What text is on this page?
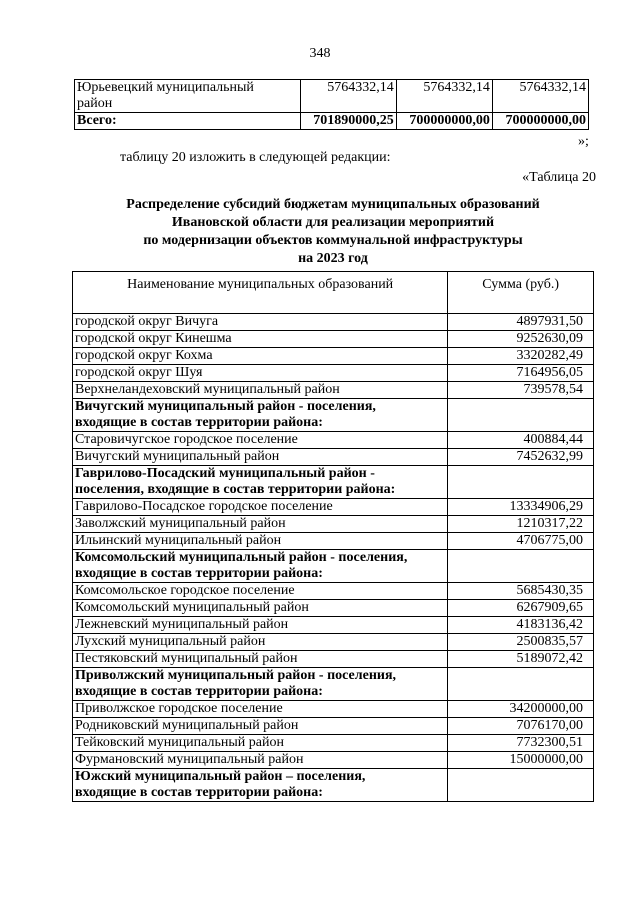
348
Юрьевецкий муниципальный
район	5764332,14	5764332,14	5764332,14
Всего:	701890000,25	700000000,00	700000000,00
»;
таблицу 20 изложить в следующей редакции:
«Таблица 20
Распределение субсидий бюджетам муниципальных образований
Ивановской области для реализации мероприятий
по модернизации объектов коммунальной инфраструктуры
на 2023 год
Наименование муниципальных образований	Сумма (руб.)
городской округ Вичуга	4897931,50
городской округ Кинешма	9252630,09
городской округ Кохма	3320282,49
городской округ Шуя	7164956,05
Верхнеландеховский муниципальный район	739578,54

Вичугский муниципальный район - поселения,
входящие в состав территории района:	

Старовичугское городское поселение	400884,44
Вичугский муниципальный район	7452632,99

Гаврилово-Посадский муниципальный район -
поселения, входящие в состав территории района:	

Гаврилово-Посадское городское поселение	13334906,29
Заволжский муниципальный район	1210317,22
Ильинский муниципальный район	4706775,00

Комсомольский муниципальный район - поселения,
входящие в состав территории района:	

Комсомольское городское поселение	5685430,35
Комсомольский муниципальный район	6267909,65
Лежневский муниципальный район	4183136,42
Лухский муниципальный район	2500835,57
Пестяковский муниципальный район	5189072,42

Приволжский муниципальный район - поселения,
входящие в состав территории района:	

Приволжское городское поселение	34200000,00
Родниковский муниципальный район	7076170,00
Тейковский муниципальный район	7732300,51
Фурмановский муниципальный район	15000000,00

Южский муниципальный район – поселения,
входящие в состав территории района:	
